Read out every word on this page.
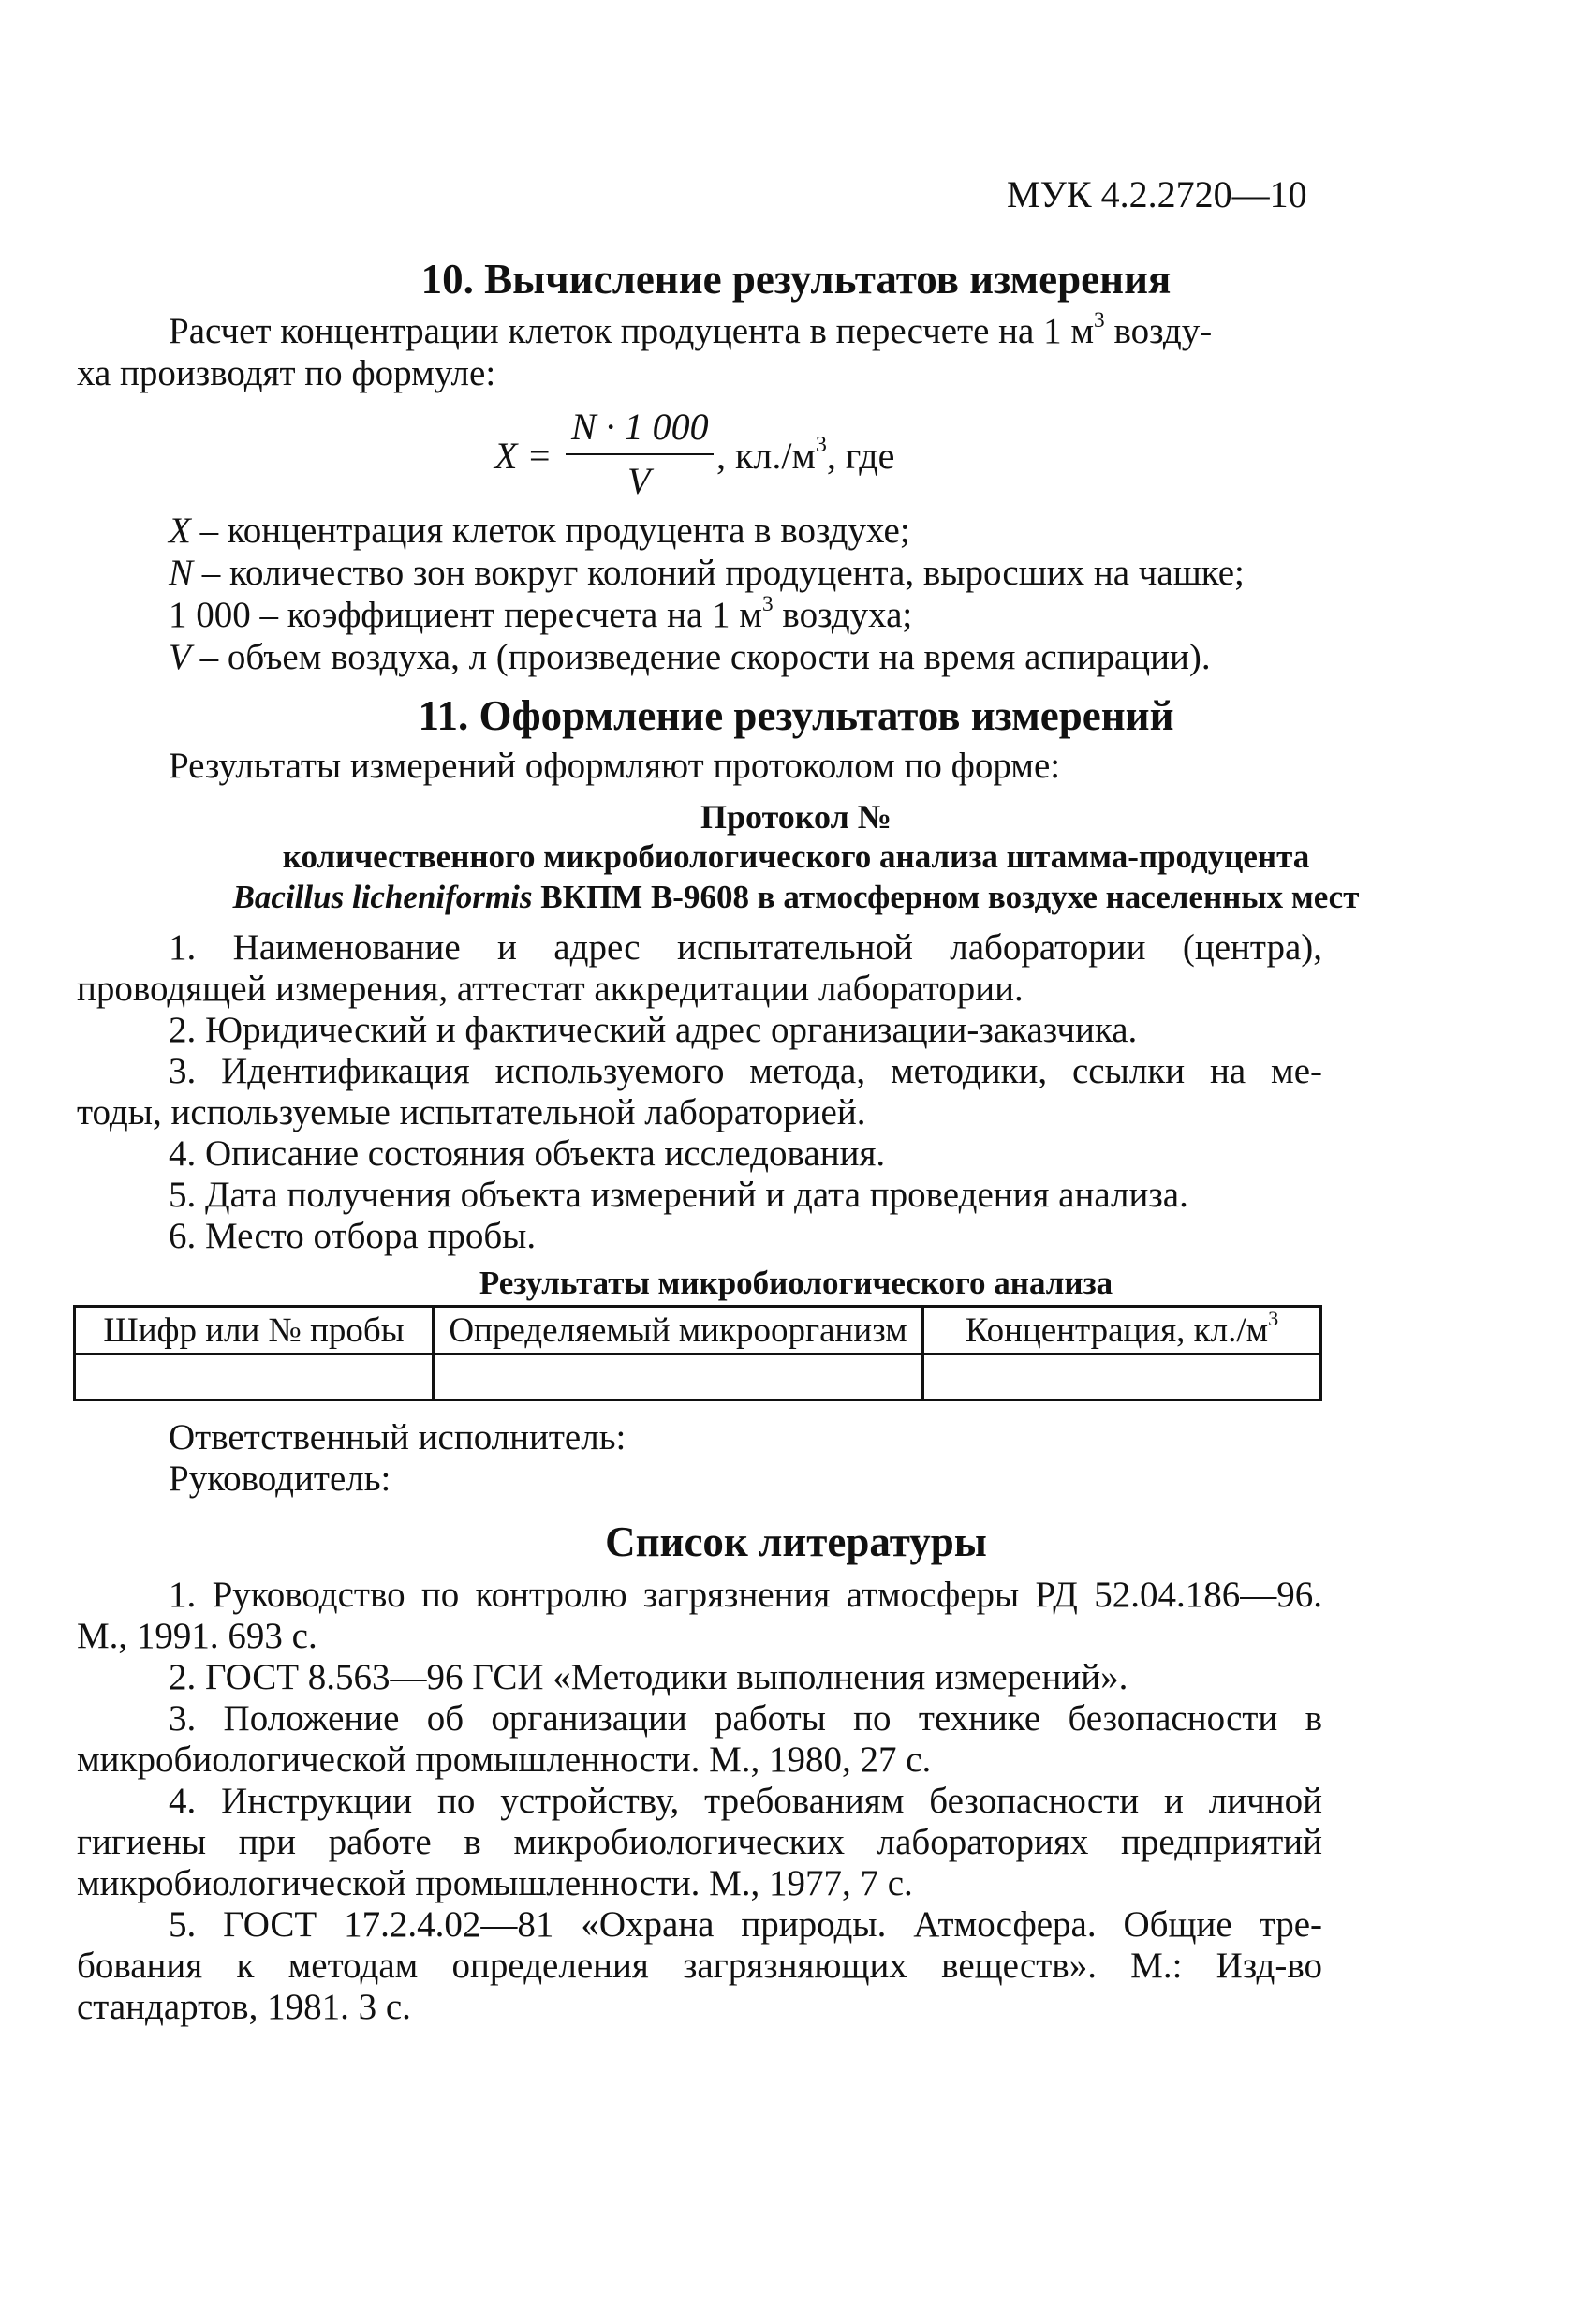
МУК 4.2.2720—10
10. Вычисление результатов измерения
Расчет концентрации клеток продуцента в пересчете на 1 $м^3$ возду-
ха производят по формуле:
X =
N · 1 000
V
, $кл./м^3$, где
X – концентрация клеток продуцента в воздухе;
N – количество зон вокруг колоний продуцента, выросших на чашке;
1 000 – коэффициент пересчета на 1 $м^3$ воздуха;
V – объем воздуха, л (произведение скорости на время аспирации).
11. Оформление результатов измерений
Результаты измерений оформляют протоколом по форме:
Протокол №
количественного микробиологического анализа штамма-продуцента
Bacillus licheniformis ВКПМ В-9608 в атмосферном воздухе населенных мест
1. Наименование и адрес испытательной лаборатории (центра),
проводящей измерения, аттестат аккредитации лаборатории.
2. Юридический и фактический адрес организации-заказчика.
3. Идентификация используемого метода, методики, ссылки на ме-
тоды, используемые испытательной лабораторией.
4. Описание состояния объекта исследования.
5. Дата получения объекта измерений и дата проведения анализа.
6. Место отбора пробы.
Результаты микробиологического анализа
Шифр или № пробы	Определяемый микроорганизм	Концентрация, $кл./м^3$

Ответственный исполнитель:
Руководитель:
Список литературы
1. Руководство по контролю загрязнения атмосферы РД 52.04.186—96.
М., 1991. 693 с.
2. ГОСТ 8.563—96 ГСИ «Методики выполнения измерений».
3. Положение об организации работы по технике безопасности в
микробиологической промышленности. М., 1980, 27 с.
4. Инструкции по устройству, требованиям безопасности и личной
гигиены при работе в микробиологических лабораториях предприятий
микробиологической промышленности. М., 1977, 7 с.
5. ГОСТ 17.2.4.02—81 «Охрана природы. Атмосфера. Общие тре-
бования к методам определения загрязняющих веществ». М.: Изд-во
стандартов, 1981. 3 с.
